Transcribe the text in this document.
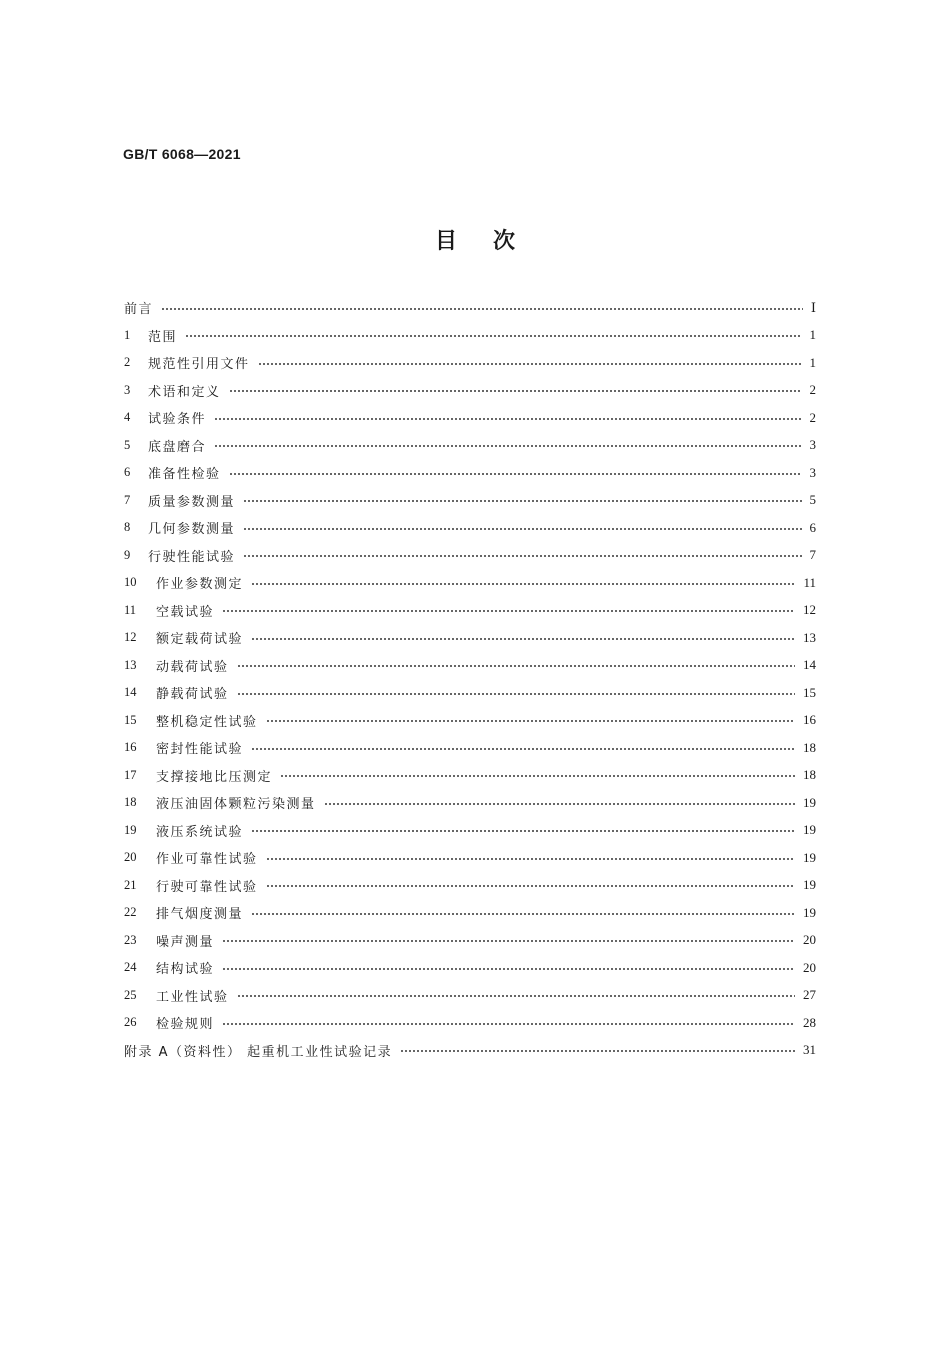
GB/T 6068—2021
目次
前言	Ⅰ
1	范围	1
2	规范性引用文件	1
3	术语和定义	2
4	试验条件	2
5	底盘磨合	3
6	准备性检验	3
7	质量参数测量	5
8	几何参数测量	6
9	行驶性能试验	7
10	作业参数测定	11
11	空载试验	12
12	额定载荷试验	13
13	动载荷试验	14
14	静载荷试验	15
15	整机稳定性试验	16
16	密封性能试验	18
17	支撑接地比压测定	18
18	液压油固体颗粒污染测量	19
19	液压系统试验	19
20	作业可靠性试验	19
21	行驶可靠性试验	19
22	排气烟度测量	19
23	噪声测量	20
24	结构试验	20
25	工业性试验	27
26	检验规则	28
附录 A（资料性） 起重机工业性试验记录	31
